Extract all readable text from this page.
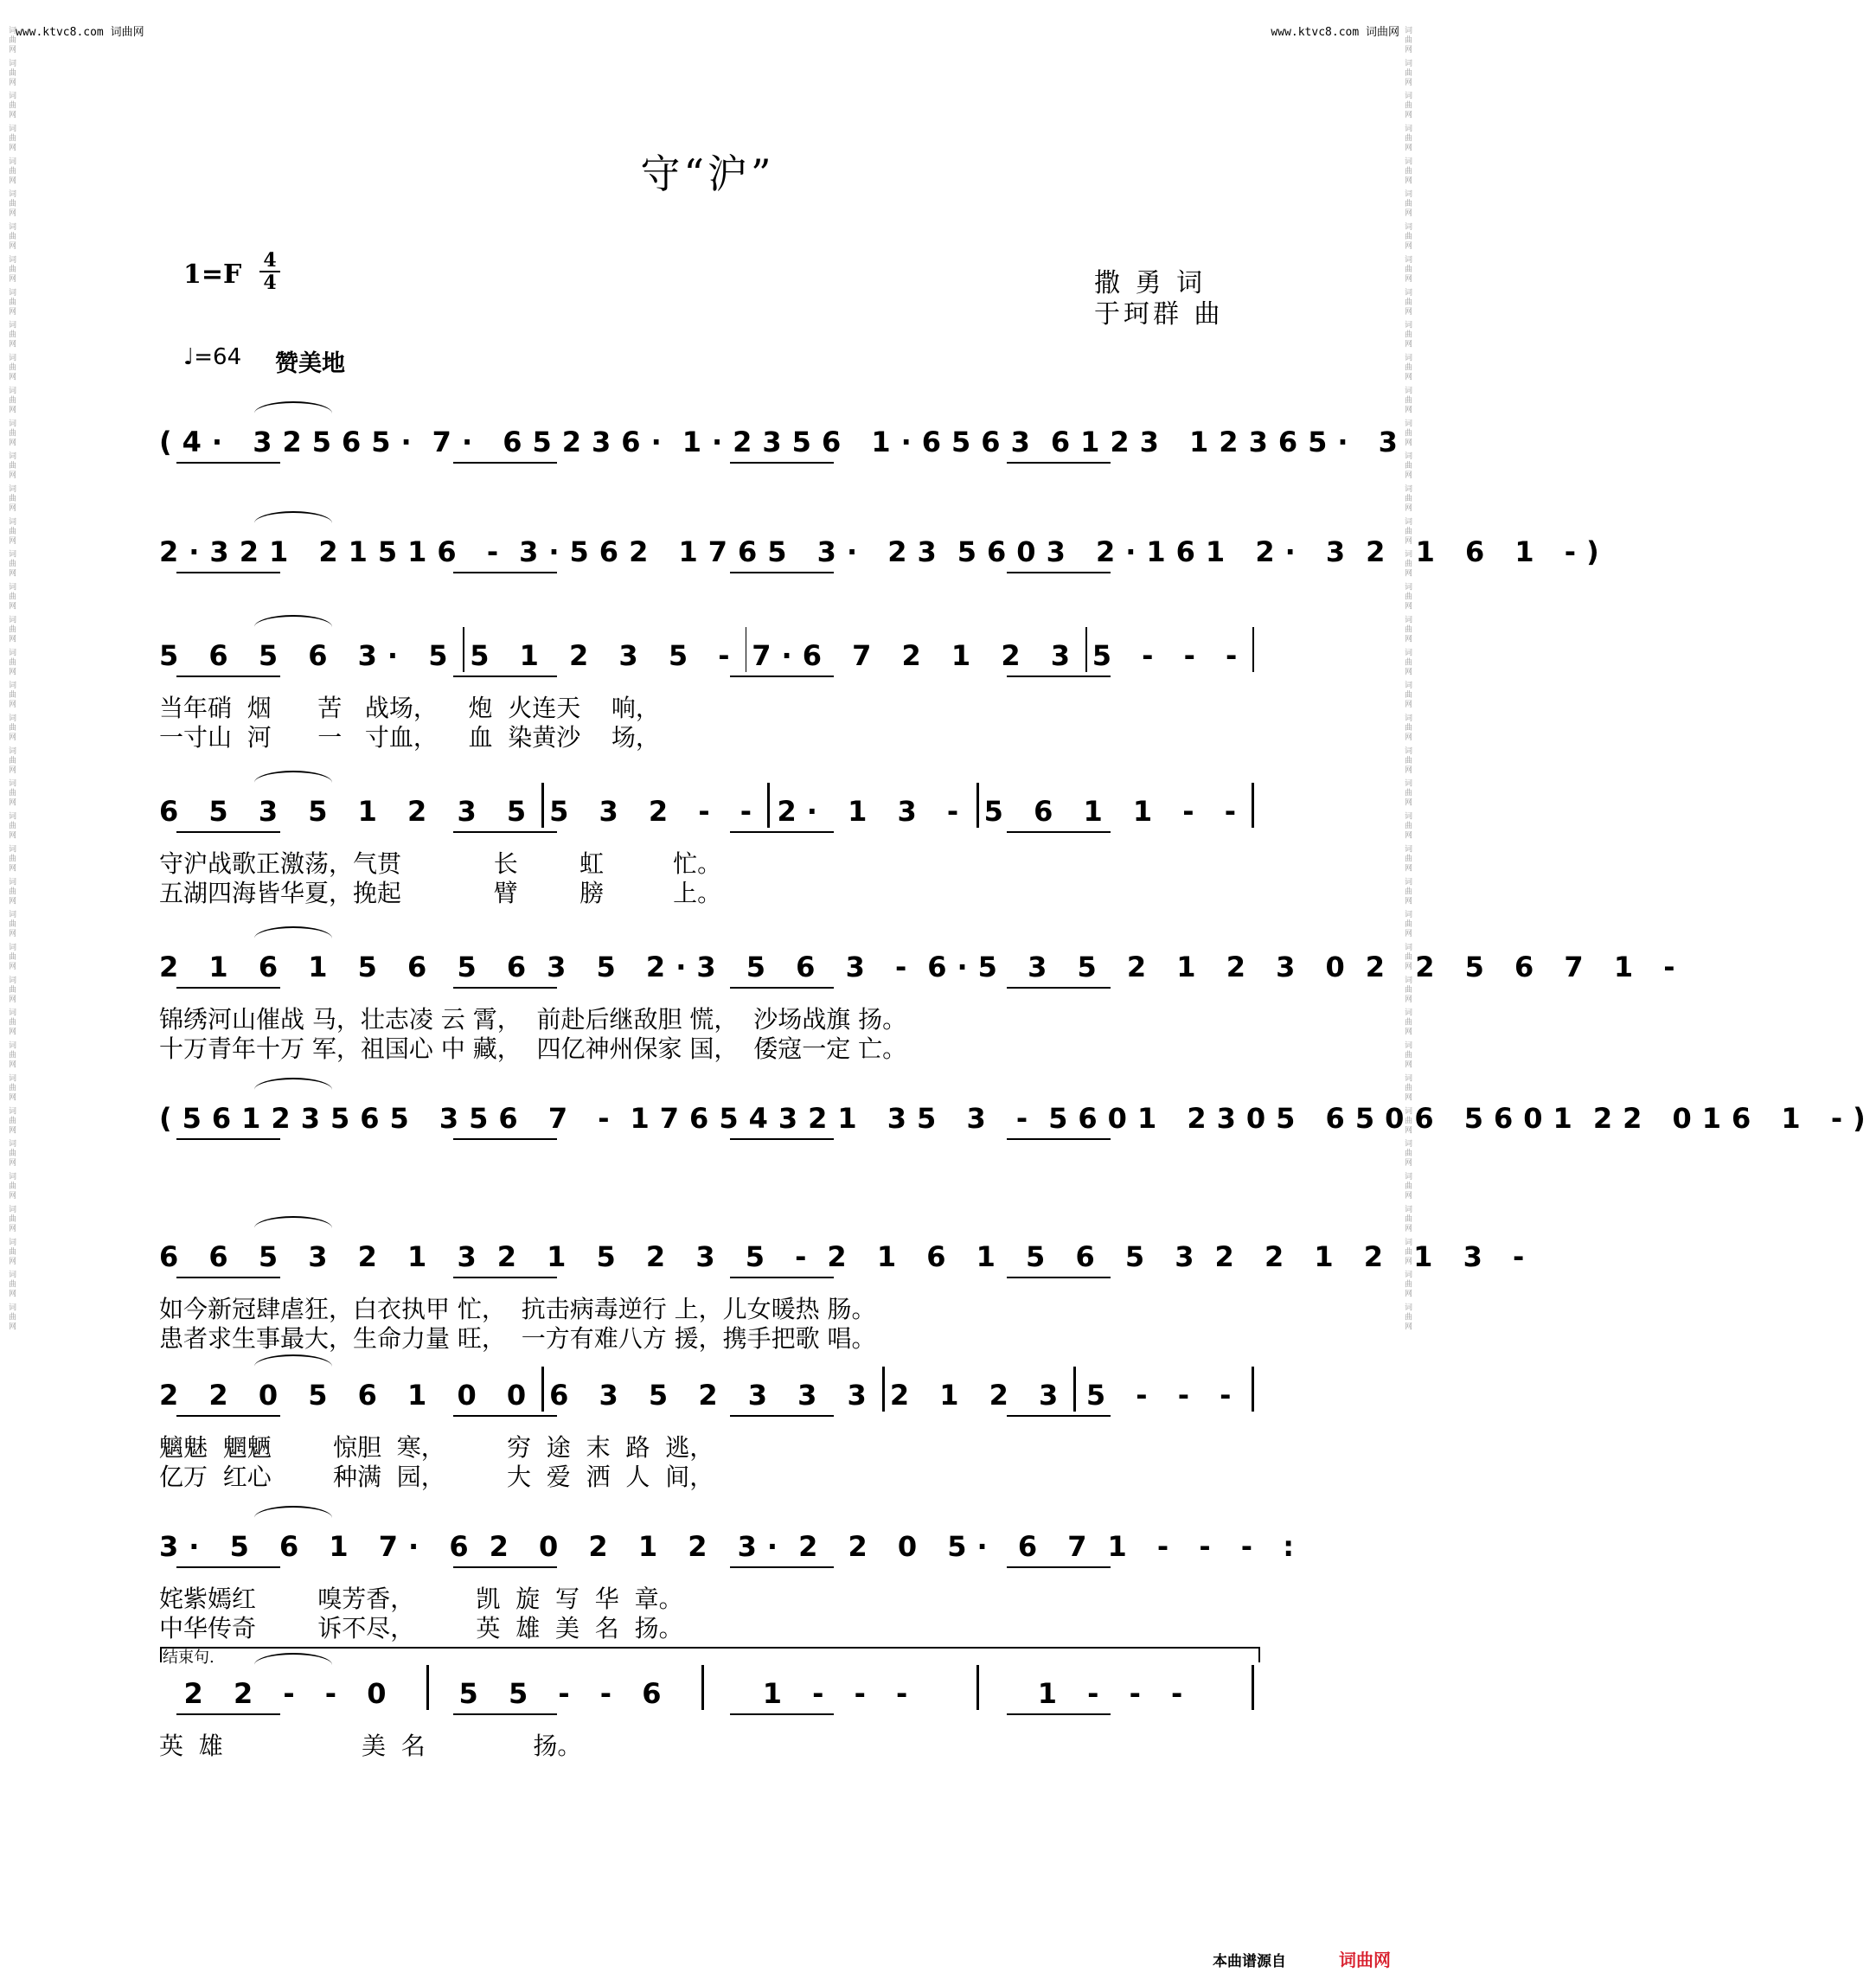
www.ktvc8.com 词曲网	www.ktvc8.com 词曲网
词曲网 词曲网 词曲网 词曲网 词曲网 词曲网 词曲网 词曲网 词曲网 词曲网 词曲网 词曲网 词曲网 词曲网 词曲网 词曲网 词曲网 词曲网 词曲网 词曲网 词曲网 词曲网 词曲网 词曲网 词曲网 词曲网 词曲网 词曲网 词曲网 词曲网 词曲网 词曲网 词曲网 词曲网 词曲网 词曲网 词曲网 词曲网 词曲网 词曲网	词曲网 词曲网 词曲网 词曲网 词曲网 词曲网 词曲网 词曲网 词曲网 词曲网 词曲网 词曲网 词曲网 词曲网 词曲网 词曲网 词曲网 词曲网 词曲网 词曲网 词曲网 词曲网 词曲网 词曲网 词曲网 词曲网 词曲网 词曲网 词曲网 词曲网 词曲网 词曲网 词曲网 词曲网 词曲网 词曲网 词曲网 词曲网 词曲网 词曲网
守“沪”
1=F 4
4	撒 勇 词
于珂群 曲
♩=64 赞美地
(4· 32565· 7· 65236· 1·2356 1·6563 6123 12365· 3
2·321 21516 - 3·562 1765 3· 23 5603 2·161 2· 3 2 1 6 1 -)
5 6 5 6 3· 5 5 1 2 3 5 - 7·6 7 2 1 2 3 5 - - -
当年硝  烟      苦   战场，    炮  火连天    响，
一寸山  河      一   寸血，    血  染黄沙    场，
6 5 3 5 1 2 3 5 5 3 2 - - 2· 1 3 - 5 6 1 1 - -
守沪战歌正激荡，气贯            长        虹         忙。
五湖四海皆华夏，挽起            臂        膀         上。
2 1 6 1 5 6 5 6 3 5 2·3 5 6 3 - 6·5 3 5 2 1 2 3 0 2 2 5 6 7 1 -
锦绣河山催战 马，壮志凌 云 霄，  前赴后继敌胆 慌，  沙场战旗 扬。
十万青年十万 军，祖国心 中 藏，  四亿神州保家 国，  倭寇一定 亡。
(56123565 356 7 - 17654321 35 3 - 5601 2305 6506 5601 22 016 1 -)
6 6 5 3 2 1 3 2 1 5 2 3 5 - 2 1 6 1 5 6 5 3 2 2 1 2 1 3 -
如今新冠肆虐狂，白衣执甲 忙，  抗击病毒逆行 上，儿女暖热 肠。
患者求生事最大，生命力量 旺，  一方有难八方 援，携手把歌 唱。
2 2 0 5 6 1 0 0 6 3 5 2 3 3 3 2 1 2 3 5 - - -
魑魅  魍魉        惊胆  寒，        穷  途  末  路  逃，
亿万  红心        种满  园，        大  爱  洒  人  间，
3· 5 6 1 7· 6 2 0 2 1 2 3· 2 2 0 5· 6 7 1 - - - :
姹紫嫣红        嗅芳香，        凯  旋  写  华  章。
中华传奇        诉不尽，        英  雄  美  名  扬。
2 2 - - 0	5 5 - - 6	1 - - -	1 - - -
英  雄                  美  名              扬。
结束句.
本曲谱源自	词曲网
